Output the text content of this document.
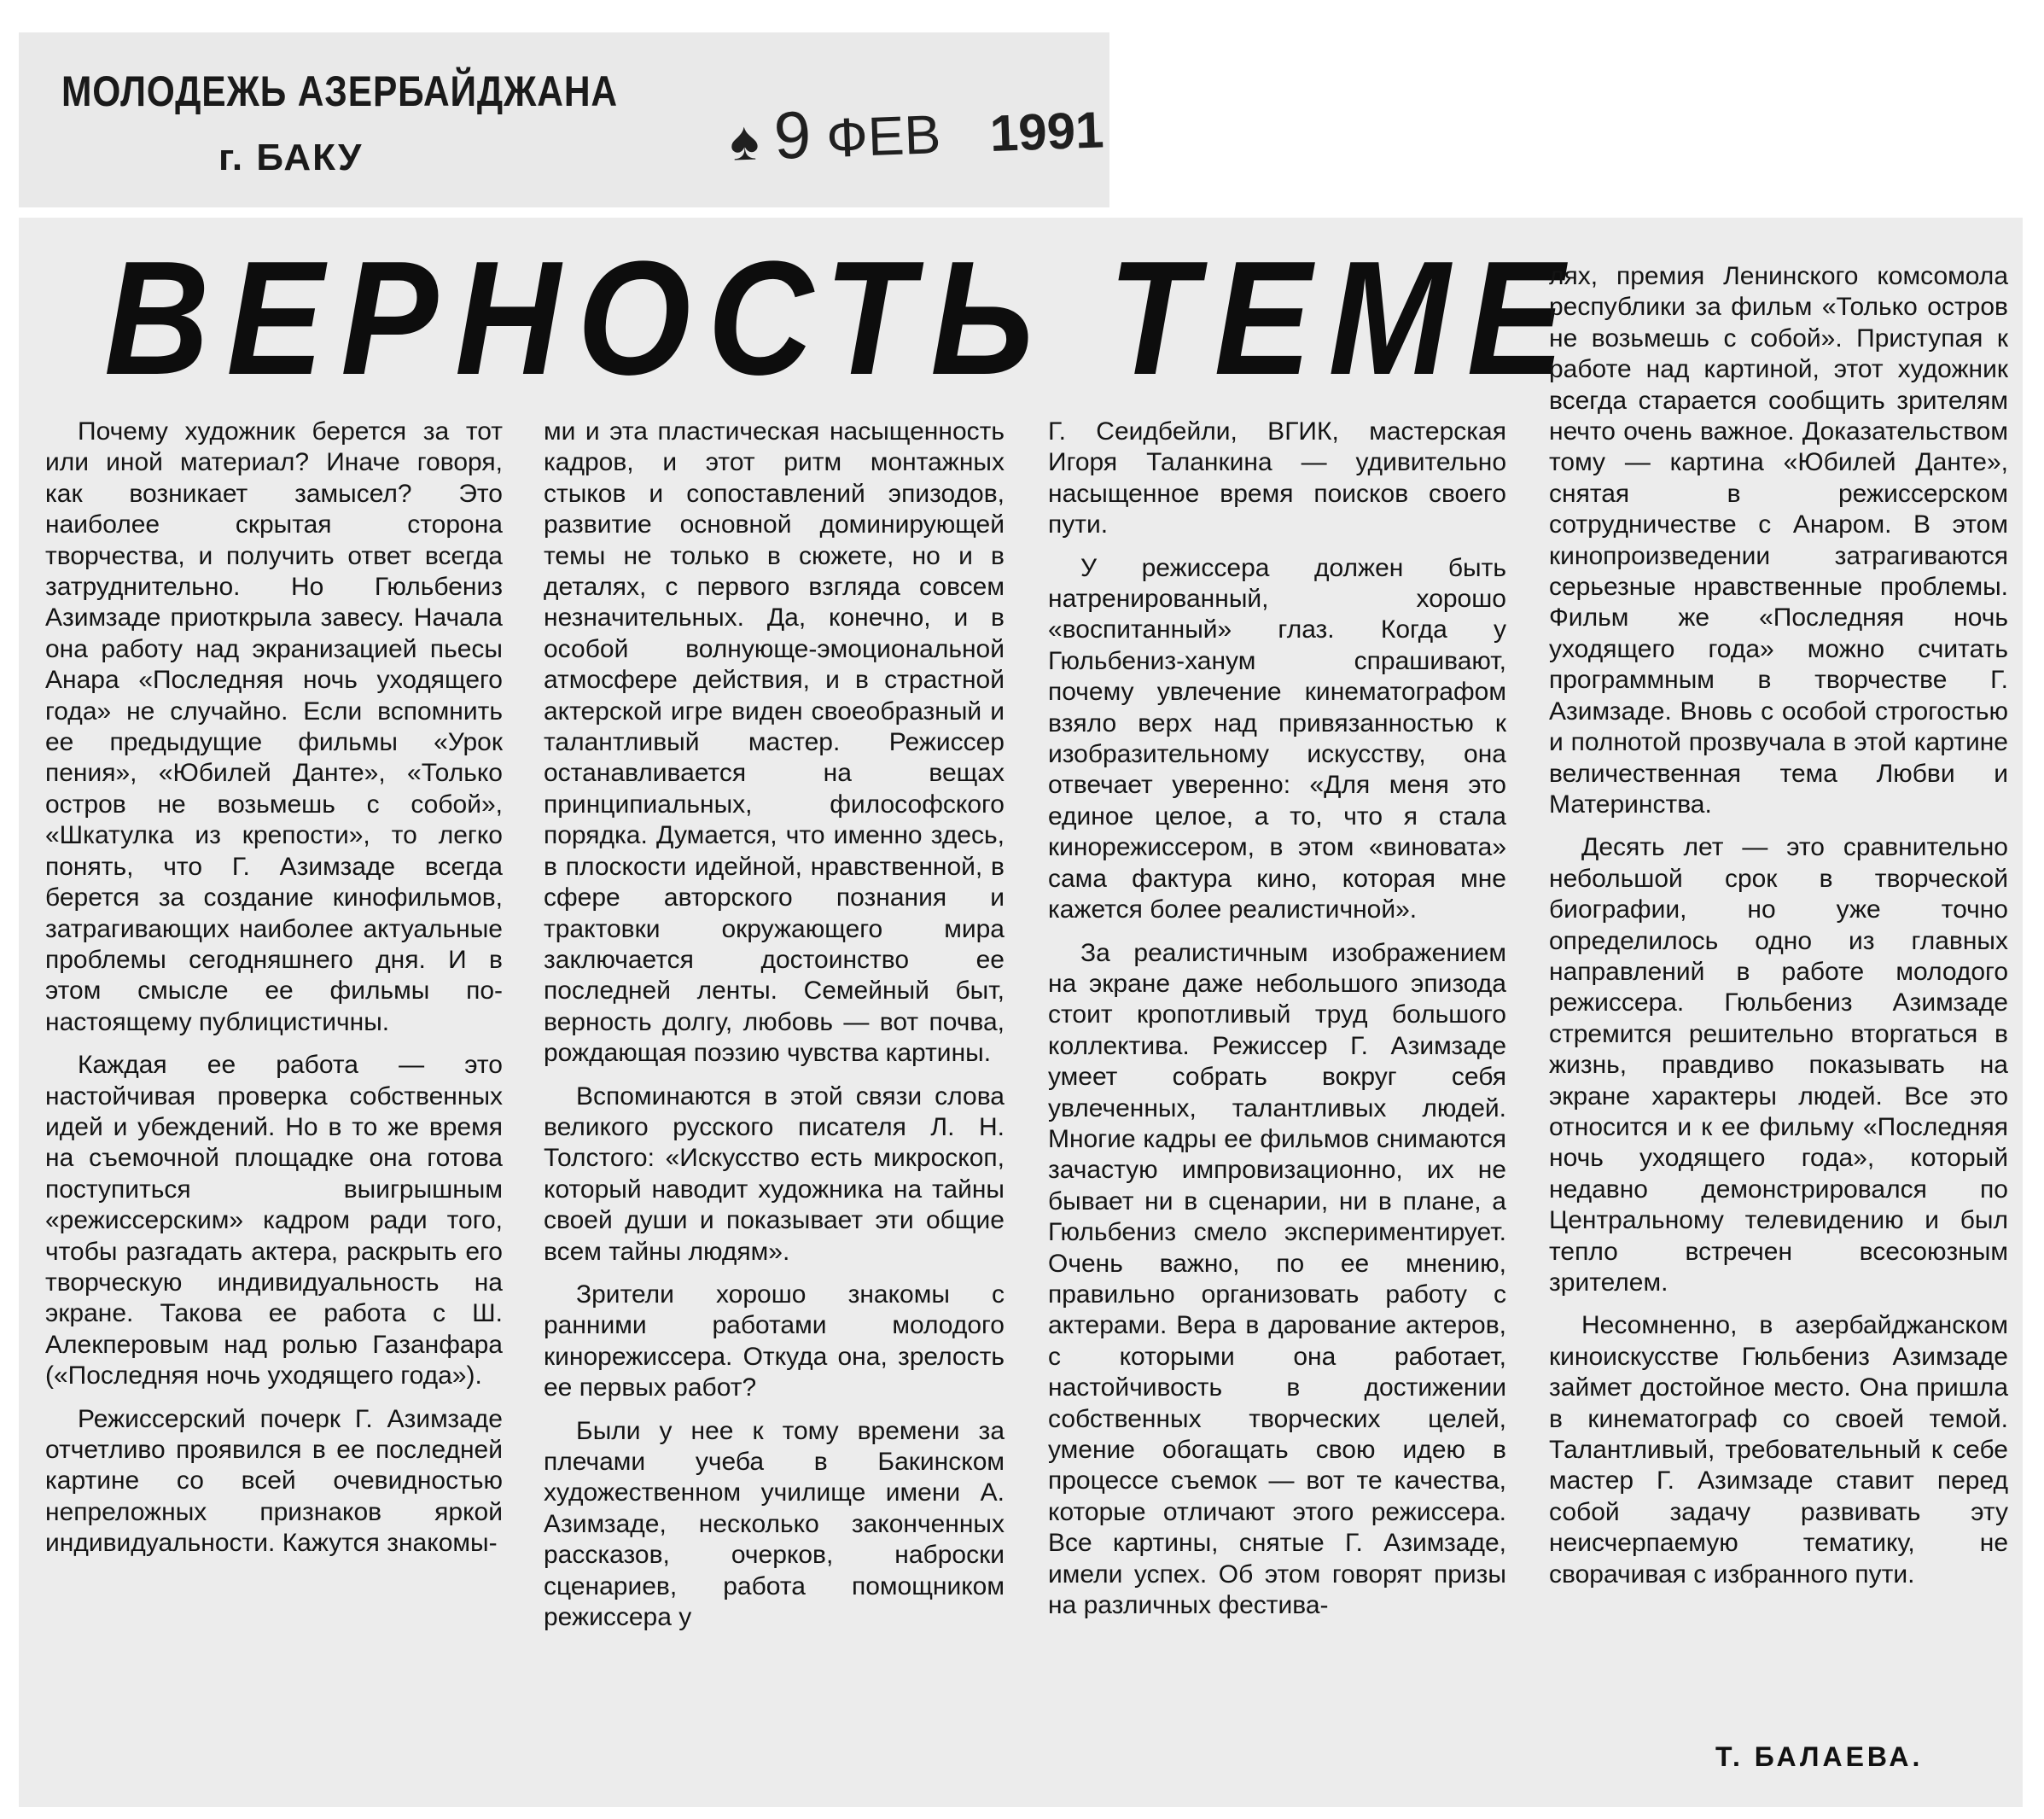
МОЛОДЕЖЬ АЗЕРБАЙДЖАНА
г. БАКУ	♠ 9 ФЕВ 1991
ВЕРНОСТЬ ТЕМЕ

Почему художник берется за тот или иной материал? Иначе говоря, как возникает замысел? Это наиболее скрытая сторона творчества, и получить ответ всегда затруднительно. Но Гюльбениз Азимзаде приоткрыла завесу. Начала она работу над экранизацией пьесы Анара «Последняя ночь уходящего года» не случайно. Если вспомнить ее предыдущие фильмы «Урок пения», «Юбилей Данте», «Только остров не возьмешь с собой», «Шкатулка из крепости», то легко понять, что Г. Азимзаде всегда берется за создание кинофильмов, затрагивающих наиболее актуальные проблемы сегодняшнего дня. И в этом смысле ее фильмы по-настоящему публицистичны.

Каждая ее работа — это настойчивая проверка собственных идей и убеждений. Но в то же время на съемочной площадке она готова поступиться выигрышным «режиссерским» кадром ради того, чтобы разгадать актера, раскрыть его творческую индивидуальность на экране. Такова ее работа с Ш. Алекперовым над ролью Газанфара («Последняя ночь уходящего года»).

Режиссерский почерк Г. Азимзаде отчетливо проявился в ее последней картине со всей очевидностью непреложных признаков яркой индивидуальности. Кажутся знакомы-

ми и эта пластическая насыщенность кадров, и этот ритм монтажных стыков и сопоставлений эпизодов, развитие основной доминирующей темы не только в сюжете, но и в деталях, с первого взгляда совсем незначительных. Да, конечно, и в особой волнующе-эмоциональной атмосфере действия, и в страстной актерской игре виден своеобразный и талантливый мастер. Режиссер останавливается на вещах принципиальных, философского порядка. Думается, что именно здесь, в плоскости идейной, нравственной, в сфере авторского познания и трактовки окружающего мира заключается достоинство ее последней ленты. Семейный быт, верность долгу, любовь — вот почва, рождающая поэзию чувства картины.

Вспоминаются в этой связи слова великого русского писателя Л. Н. Толстого: «Искусство есть микроскоп, который наводит художника на тайны своей души и показывает эти общие всем тайны людям».

Зрители хорошо знакомы с ранними работами молодого кинорежиссера. Откуда она, зрелость ее первых работ?

Были у нее к тому времени за плечами учеба в Бакинском художественном училище имени А. Азимзаде, несколько законченных рассказов, очерков, наброски сценариев, работа помощником режиссера у

Г. Сеидбейли, ВГИК, мастерская Игоря Таланкина — удивительно насыщенное время поисков своего пути.

У режиссера должен быть натренированный, хорошо «воспитанный» глаз. Когда у Гюльбениз-ханум спрашивают, почему увлечение кинематографом взяло верх над привязанностью к изобразительному искусству, она отвечает уверенно: «Для меня это единое целое, а то, что я стала кинорежиссером, в этом «виновата» сама фактура кино, которая мне кажется более реалистичной».

За реалистичным изображением на экране даже небольшого эпизода стоит кропотливый труд большого коллектива. Режиссер Г. Азимзаде умеет собрать вокруг себя увлеченных, талантливых людей. Многие кадры ее фильмов снимаются зачастую импровизационно, их не бывает ни в сценарии, ни в плане, а Гюльбениз смело экспериментирует. Очень важно, по ее мнению, правильно организовать работу с актерами. Вера в дарование актеров, с которыми она работает, настойчивость в достижении собственных творческих целей, умение обогащать свою идею в процессе съемок — вот те качества, которые отличают этого режиссера. Все картины, снятые Г. Азимзаде, имели успех. Об этом говорят призы на различных фестива-

лях, премия Ленинского комсомола республики за фильм «Только остров не возьмешь с собой». Приступая к работе над картиной, этот художник всегда старается сообщить зрителям нечто очень важное. Доказательством тому — картина «Юбилей Данте», снятая в режиссерском сотрудничестве с Анаром. В этом кинопроизведении затрагиваются серьезные нравственные проблемы. Фильм же «Последняя ночь уходящего года» можно считать программным в творчестве Г. Азимзаде. Вновь с особой строгостью и полнотой прозвучала в этой картине величественная тема Любви и Материнства.

Десять лет — это сравнительно небольшой срок в творческой биографии, но уже точно определилось одно из главных направлений в работе молодого режиссера. Гюльбениз Азимзаде стремится решительно вторгаться в жизнь, правдиво показывать на экране характеры людей. Все это относится и к ее фильму «Последняя ночь уходящего года», который недавно демонстрировался по Центральному телевидению и был тепло встречен всесоюзным зрителем.

Несомненно, в азербайджанском киноискусстве Гюльбениз Азимзаде займет достойное место. Она пришла в кинематограф со своей темой. Талантливый, требовательный к себе мастер Г. Азимзаде ставит перед собой задачу развивать эту неисчерпаемую тематику, не сворачивая с избранного пути.

Т. БАЛАЕВА.
